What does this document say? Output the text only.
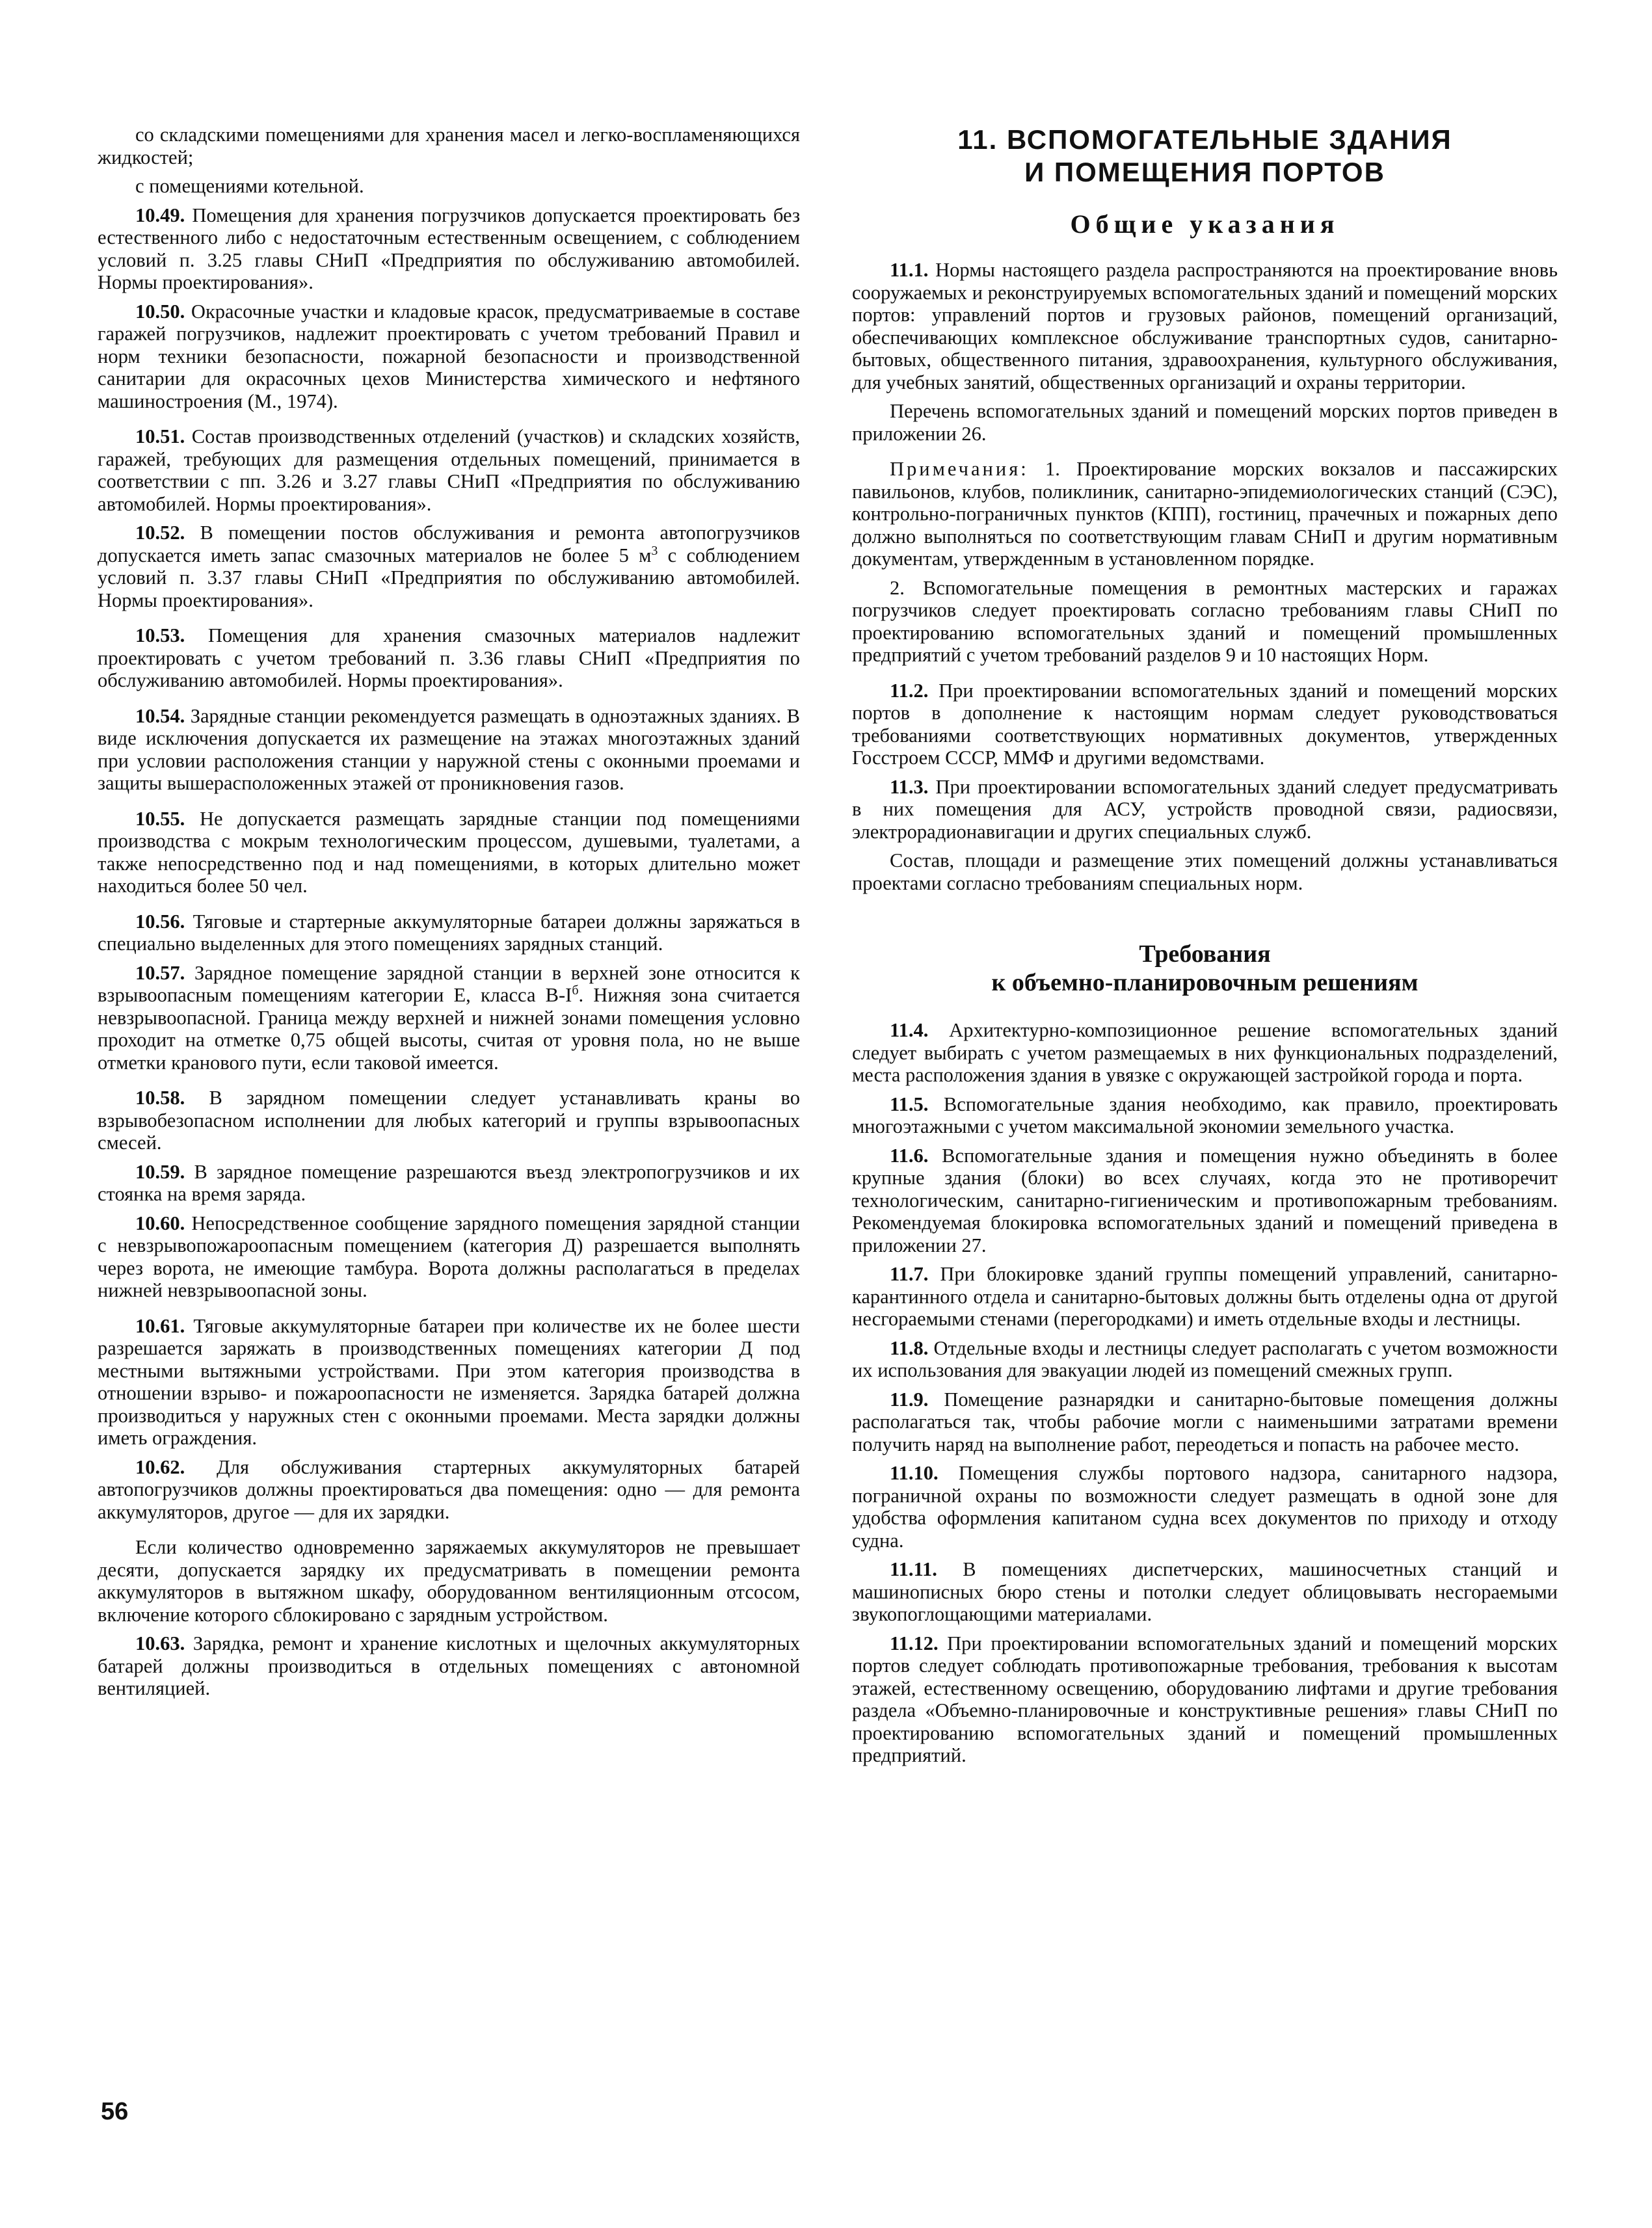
со складскими помещениями для хранения масел и легко-воспламеняющихся жидкостей;

с помещениями котельной.

10.49. Помещения для хранения погрузчиков допускается проектировать без естественного либо с недостаточным естественным освещением, с соблюдением условий п. 3.25 главы СНиП «Предприятия по обслуживанию автомобилей. Нормы проектирования».

10.50. Окрасочные участки и кладовые красок, предусматриваемые в составе гаражей погрузчиков, надлежит проектировать с учетом требований Правил и норм техники безопасности, пожарной безопасности и производственной санитарии для окрасочных цехов Министерства химического и нефтяного машиностроения (М., 1974).

10.51. Состав производственных отделений (участков) и складских хозяйств, гаражей, требующих для размещения отдельных помещений, принимается в соответствии с пп. 3.26 и 3.27 главы СНиП «Предприятия по обслуживанию автомобилей. Нормы проектирования».

10.52. В помещении постов обслуживания и ремонта автопогрузчиков допускается иметь запас смазочных материалов не более 5 $м^3$ с соблюдением условий п. 3.37 главы СНиП «Предприятия по обслуживанию автомобилей. Нормы проектирования».

10.53. Помещения для хранения смазочных материалов надлежит проектировать с учетом требований п. 3.36 главы СНиП «Предприятия по обслуживанию автомобилей. Нормы проектирования».

10.54. Зарядные станции рекомендуется размещать в одноэтажных зданиях. В виде исключения допускается их размещение на этажах многоэтажных зданий при условии расположения станции у наружной стены с оконными проемами и защиты вышерасположенных этажей от проникновения газов.

10.55. Не допускается размещать зарядные станции под помещениями производства с мокрым технологическим процессом, душевыми, туалетами, а также непосредственно под и над помещениями, в которых длительно может находиться более 50 чел.

10.56. Тяговые и стартерные аккумуляторные батареи должны заряжаться в специально выделенных для этого помещениях зарядных станций.

10.57. Зарядное помещение зарядной станции в верхней зоне относится к взрывоопасным помещениям категории Е, класса $В-I^б$. Нижняя зона считается невзрывоопасной. Граница между верхней и нижней зонами помещения условно проходит на отметке 0,75 общей высоты, считая от уровня пола, но не выше отметки кранового пути, если таковой имеется.

10.58. В зарядном помещении следует устанавливать краны во взрывобезопасном исполнении для любых категорий и группы взрывоопасных смесей.

10.59. В зарядное помещение разрешаются въезд электропогрузчиков и их стоянка на время заряда.

10.60. Непосредственное сообщение зарядного помещения зарядной станции с невзрывопожароопасным помещением (категория Д) разрешается выполнять через ворота, не имеющие тамбура. Ворота должны располагаться в пределах нижней невзрывоопасной зоны.

10.61. Тяговые аккумуляторные батареи при количестве их не более шести разрешается заряжать в производственных помещениях категории Д под местными вытяжными устройствами. При этом категория производства в отношении взрыво- и пожароопасности не изменяется. Зарядка батарей должна производиться у наружных стен с оконными проемами. Места зарядки должны иметь ограждения.

10.62. Для обслуживания стартерных аккумуляторных батарей автопогрузчиков должны проектироваться два помещения: одно — для ремонта аккумуляторов, другое — для их зарядки.

Если количество одновременно заряжаемых аккумуляторов не превышает десяти, допускается зарядку их предусматривать в помещении ремонта аккумуляторов в вытяжном шкафу, оборудованном вентиляционным отсосом, включение которого сблокировано с зарядным устройством.

10.63. Зарядка, ремонт и хранение кислотных и щелочных аккумуляторных батарей должны производиться в отдельных помещениях с автономной вентиляцией.

11. ВСПОМОГАТЕЛЬНЫЕ ЗДАНИЯ
И ПОМЕЩЕНИЯ ПОРТОВ
Общие указания

11.1. Нормы настоящего раздела распространяются на проектирование вновь сооружаемых и реконструируемых вспомогательных зданий и помещений морских портов: управлений портов и грузовых районов, помещений организаций, обеспечивающих комплексное обслуживание транспортных судов, санитарно-бытовых, общественного питания, здравоохранения, культурного обслуживания, для учебных занятий, общественных организаций и охраны территории.

Перечень вспомогательных зданий и помещений морских портов приведен в приложении 26.

Примечания: 1. Проектирование морских вокзалов и пассажирских павильонов, клубов, поликлиник, санитарно-эпидемиологических станций (СЭС), контрольно-пограничных пунктов (КПП), гостиниц, прачечных и пожарных депо должно выполняться по соответствующим главам СНиП и другим нормативным документам, утвержденным в установленном порядке.

2. Вспомогательные помещения в ремонтных мастерских и гаражах погрузчиков следует проектировать согласно требованиям главы СНиП по проектированию вспомогательных зданий и помещений промышленных предприятий с учетом требований разделов 9 и 10 настоящих Норм.

11.2. При проектировании вспомогательных зданий и помещений морских портов в дополнение к настоящим нормам следует руководствоваться требованиями соответствующих нормативных документов, утвержденных Госстроем СССР, ММФ и другими ведомствами.

11.3. При проектировании вспомогательных зданий следует предусматривать в них помещения для АСУ, устройств проводной связи, радиосвязи, электрорадионавигации и других специальных служб.

Состав, площади и размещение этих помещений должны устанавливаться проектами согласно требованиям специальных норм.

Требования
к объемно-планировочным решениям

11.4. Архитектурно-композиционное решение вспомогательных зданий следует выбирать с учетом размещаемых в них функциональных подразделений, места расположения здания в увязке с окружающей застройкой города и порта.

11.5. Вспомогательные здания необходимо, как правило, проектировать многоэтажными с учетом максимальной экономии земельного участка.

11.6. Вспомогательные здания и помещения нужно объединять в более крупные здания (блоки) во всех случаях, когда это не противоречит технологическим, санитарно-гигиеническим и противопожарным требованиям. Рекомендуемая блокировка вспомогательных зданий и помещений приведена в приложении 27.

11.7. При блокировке зданий группы помещений управлений, санитарно-карантинного отдела и санитарно-бытовых должны быть отделены одна от другой несгораемыми стенами (перегородками) и иметь отдельные входы и лестницы.

11.8. Отдельные входы и лестницы следует располагать с учетом возможности их использования для эвакуации людей из помещений смежных групп.

11.9. Помещение разнарядки и санитарно-бытовые помещения должны располагаться так, чтобы рабочие могли с наименьшими затратами времени получить наряд на выполнение работ, переодеться и попасть на рабочее место.

11.10. Помещения службы портового надзора, санитарного надзора, пограничной охраны по возможности следует размещать в одной зоне для удобства оформления капитаном судна всех документов по приходу и отходу судна.

11.11. В помещениях диспетчерских, машиносчетных станций и машинописных бюро стены и потолки следует облицовывать несгораемыми звукопоглощающими материалами.

11.12. При проектировании вспомогательных зданий и помещений морских портов следует соблюдать противопожарные требования, требования к высотам этажей, естественному освещению, оборудованию лифтами и другие требования раздела «Объемно-планировочные и конструктивные решения» главы СНиП по проектированию вспомогательных зданий и помещений промышленных предприятий.

56
